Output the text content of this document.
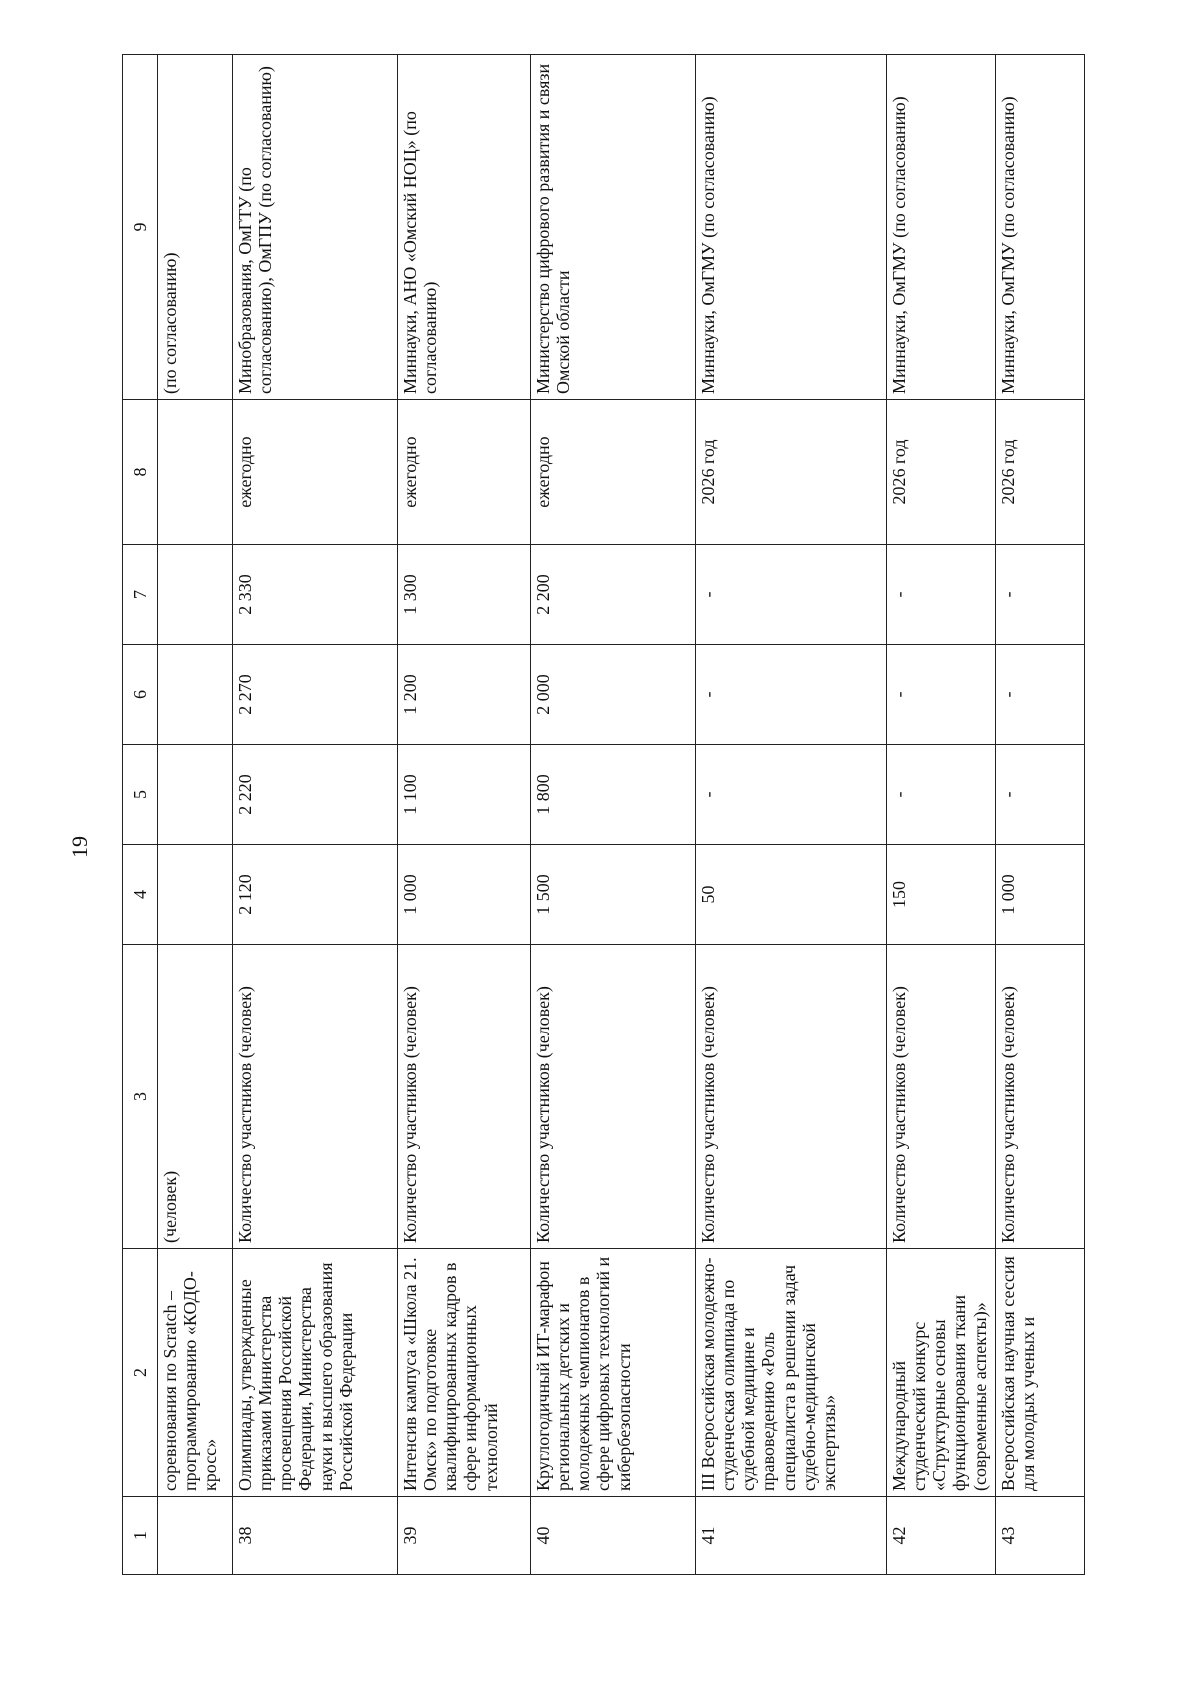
19
1	2	3	4	5	6	7	8	9
	соревнования по Scratch – программированию «КОДО-кросс»	(человек)						(по согласованию)
38	Олимпиады, утвержденные приказами Министерства просвещения Российской Федерации, Министерства науки и высшего образования Российской Федерации	Количество участников (человек)	2 120	2 220	2 270	2 330	ежегодно	Минобразования, ОмГТУ (по согласованию), ОмГПУ (по согласованию)
39	Интенсив кампуса «Школа 21. Омск» по подготовке квалифицированных кадров в сфере информационных технологий	Количество участников (человек)	1 000	1 100	1 200	1 300	ежегодно	Миннауки, АНО «Омский НОЦ» (по согласованию)
40	Круглогодичный ИТ-марафон региональных детских и молодежных чемпионатов в сфере цифровых технологий и кибербезопасности	Количество участников (человек)	1 500	1 800	2 000	2 200	ежегодно	Министерство цифрового развития и связи Омской области
41	III Всероссийская молодежно-студенческая олимпиада по судебной медицине и правоведению «Роль специалиста в решении задач судебно-медицинской экспертизы»	Количество участников (человек)	50	-	-	-	2026 год	Миннауки, ОмГМУ (по согласованию)
42	Международный студенческий конкурс «Структурные основы функционирования ткани (современные аспекты)»	Количество участников (человек)	150	-	-	-	2026 год	Миннауки, ОмГМУ (по согласованию)
43	Всероссийская научная сессия для молодых ученых и	Количество участников (человек)	1 000	-	-	-	2026 год	Миннауки, ОмГМУ (по согласованию)
